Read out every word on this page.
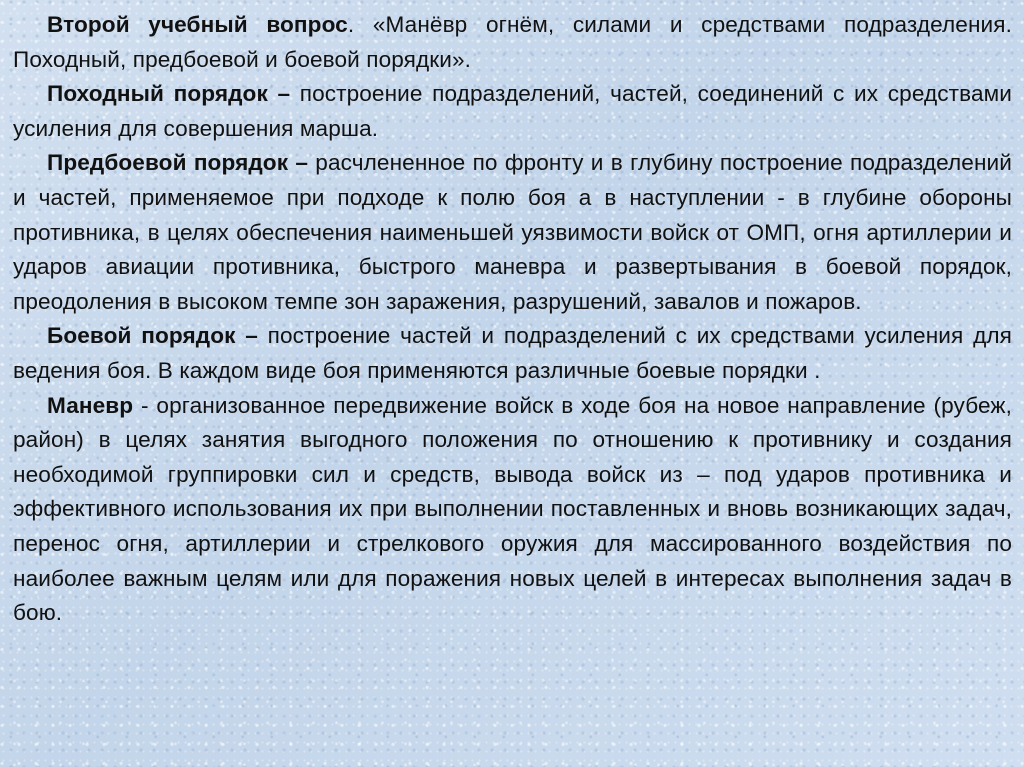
Второй учебный вопрос. «Манёвр огнём, силами и средствами подразделения. Походный, предбоевой и боевой порядки».

Походный порядок – построение подразделений, частей, соединений с их средствами усиления для совершения марша.

Предбоевой порядок – расчлененное по фронту и в глубину построение подразделений и частей, применяемое при подходе к полю боя а в наступлении - в глубине обороны противника, в целях обеспечения наименьшей уязвимости войск от ОМП, огня артиллерии и ударов авиации противника, быстрого маневра и развертывания в боевой порядок, преодоления в высоком темпе зон заражения, разрушений, завалов и пожаров.

Боевой порядок – построение частей и подразделений с их средствами усиления для ведения боя. В каждом виде боя применяются различные боевые порядки .

Маневр - организованное передвижение войск в ходе боя на новое направление (рубеж, район) в целях занятия выгодного положения по отношению к противнику и создания необходимой группировки сил и средств, вывода войск из – под ударов противника и эффективного использования их при выполнении поставленных и вновь возникающих задач, перенос огня, артиллерии и стрелкового оружия для массированного воздействия по наиболее важным целям или для поражения новых целей в интересах выполнения задач в бою.
